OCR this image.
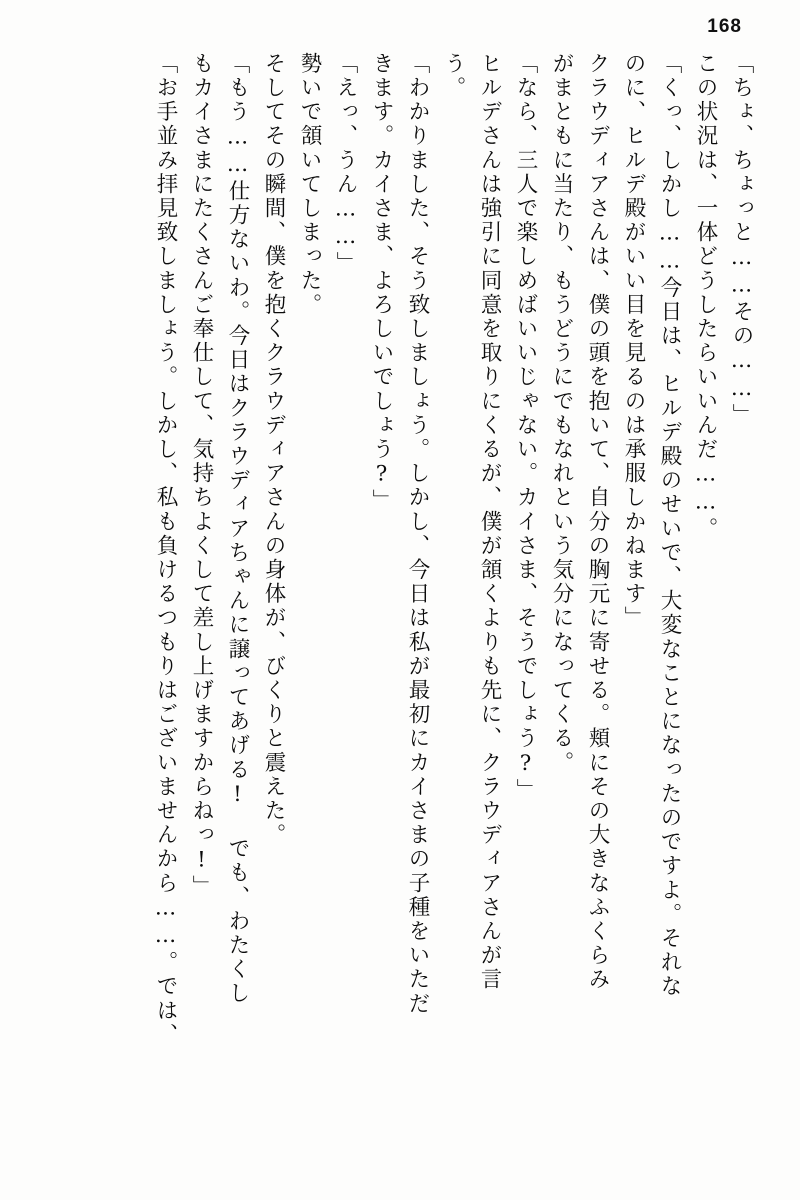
168
「ちょ、ちょっと……その……」
この状況は、一体どうしたらいいんだ……。
「くっ、しかし……今日は、ヒルデ殿のせいで、大変なことになったのですよ。それな
のに、ヒルデ殿がいい目を見るのは承服しかねます」
クラウディアさんは、僕の頭を抱いて、自分の胸元に寄せる。頬にその大きなふくらみ
がまともに当たり、もうどうにでもなれという気分になってくる。
「なら、三人で楽しめばいいじゃない。カイさま、そうでしょう?」
ヒルデさんは強引に同意を取りにくるが、僕が頷くよりも先に、クラウディアさんが言
う。
「わかりました、そう致しましょう。しかし、今日は私が最初にカイさまの子種をいただ
きます。カイさま、よろしいでしょう?」
「えっ、うん……」
勢いで頷いてしまった。
そしてその瞬間、僕を抱くクラウディアさんの身体が、びくりと震えた。
「もう……仕方ないわ。今日はクラウディアちゃんに譲ってあげる! でも、わたくし
もカイさまにたくさんご奉仕して、気持ちよくして差し上げますからねっ!」
「お手並み拝見致しましょう。しかし、私も負けるつもりはございませんから……。では、
